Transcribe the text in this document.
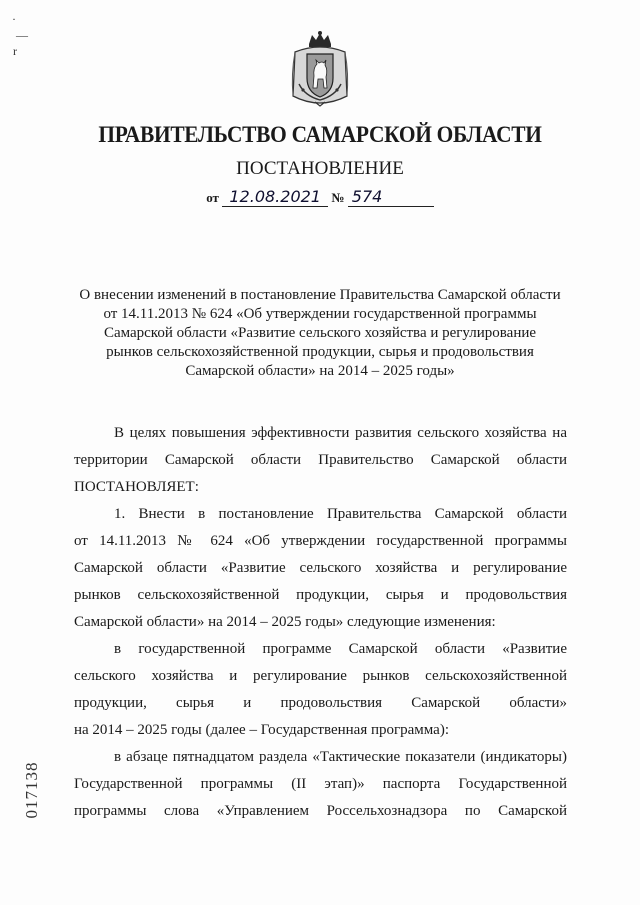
·
—
r
ПРАВИТЕЛЬСТВО САМАРСКОЙ ОБЛАСТИ
ПОСТАНОВЛЕНИЕ
от 12.08.2021 № 574
О внесении изменений в постановление Правительства Самарской области
от 14.11.2013 № 624 «Об утверждении государственной программы
Самарской области «Развитие сельского хозяйства и регулирование
рынков сельскохозяйственной продукции, сырья и продовольствия
Самарской области» на 2014 – 2025 годы»

В целях повышения эффективности развития сельского хозяйства на
территории Самарской области Правительство Самарской области
ПОСТАНОВЛЯЕТ:

1. Внести в постановление Правительства Самарской области
от 14.11.2013 № 624 «Об утверждении государственной программы
Самарской области «Развитие сельского хозяйства и регулирование
рынков сельскохозяйственной продукции, сырья и продовольствия
Самарской области» на 2014 – 2025 годы» следующие изменения:

в государственной программе Самарской области «Развитие
сельского хозяйства и регулирование рынков сельскохозяйственной
продукции, сырья и продовольствия Самарской области»
на 2014 – 2025 годы (далее – Государственная программа):

в абзаце пятнадцатом раздела «Тактические показатели (индикаторы)
Государственной программы (II этап)» паспорта Государственной
программы слова «Управлением Россельхознадзора по Самарской

017138
